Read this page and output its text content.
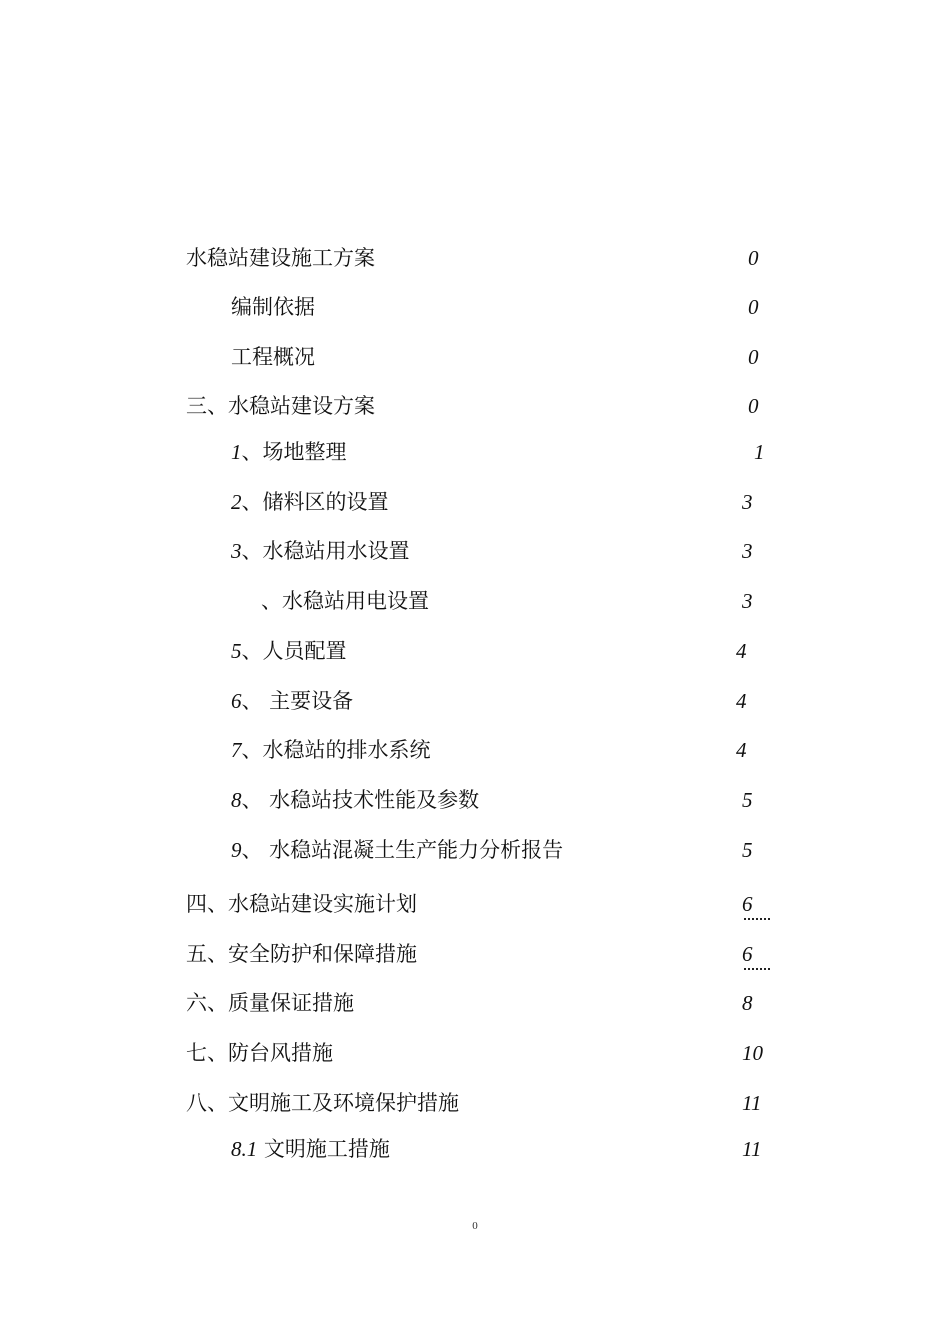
水稳站建设施工方案	0
编制依据	0
工程概况	0
三、水稳站建设方案	0
1、场地整理	1
2、储料区的设置	3
3、水稳站用水设置	3
、水稳站用电设置	3
5、人员配置	4
6、 主要设备	4
7、水稳站的排水系统	4
8、 水稳站技术性能及参数	5
9、 水稳站混凝土生产能力分析报告	5
四、水稳站建设实施计划	6
五、安全防护和保障措施	6
六、质量保证措施	8
七、防台风措施	10
八、文明施工及环境保护措施	11
8.1 文明施工措施	11
0
